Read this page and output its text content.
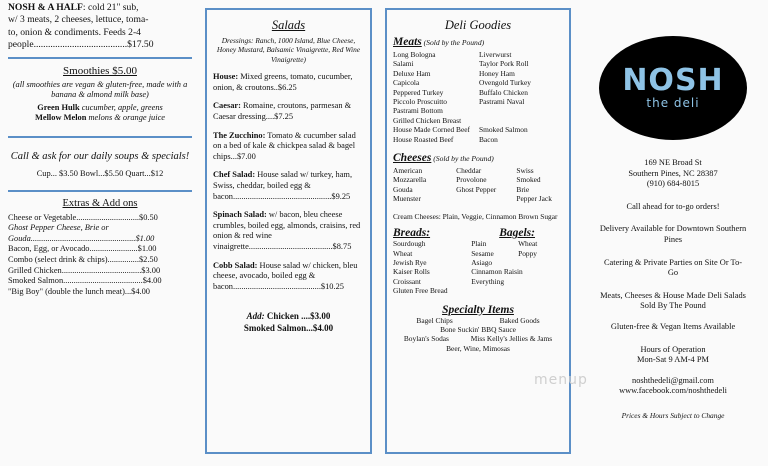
NOSH & A HALF: cold 21" sub,
w/ 3 meats, 2 cheeses, lettuce, toma-
to, onion & condiments. Feeds 2-4
people.......................................$17.50
Smoothies $5.00
(all smoothies are vegan & gluten-free, made with a banana & almond milk base)
Green Hulk cucumber, apple, greens
Mellow Melon melons & orange juice
Call & ask for our daily soups & specials!
Cup... $3.50 Bowl...$5.50 Quart...$12
Extras & Add ons
Cheese or Vegetable..............................$0.50
Ghost Pepper Cheese, Brie or
Gouda..................................................$1.00
Bacon, Egg, or Avocado.......................$1.00
Combo (select drink & chips)...............$2.50
Grilled Chicken......................................$3.00
Smoked Salmon......................................$4.00
"Big Boy" (double the lunch meat)...$4.00
Salads
Dressings: Ranch, 1000 Island, Blue Cheese, Honey Mustard, Balsamic Vinaigrette, Red Wine Vinaigrette)
House: Mixed greens, tomato, cucumber, onion, & croutons..$6.25
Caesar: Romaine, croutons, parmesan & Caesar dressing....$7.25
The Zucchino: Tomato & cucumber salad on a bed of kale & chickpea salad & bagel chips...$7.00
Chef Salad: House salad w/ turkey, ham, Swiss, cheddar, boiled egg & bacon...............................................$9.25
Spinach Salad: w/ bacon, bleu cheese crumbles, boiled egg, almonds, craisins, red onion & red wine vinaigrette........................................$8.75
Cobb Salad: House salad w/ chicken, bleu cheese, avocado, boiled egg & bacon..........................................$10.25
Add: Chicken ....$3.00
Smoked Salmon...$4.00
Deli Goodies
Meats (Sold by the Pound)
Long Bologna	Liverwurst
Salami	Taylor Pork Roll
Deluxe Ham	Honey Ham
Capicola	Ovengold Turkey
Peppered Turkey	Buffalo Chicken
Piccolo Proscuitto	Pastrami Naval
Pastrami Bottom
Grilled Chicken Breast
House Made Corned Beef	Smoked Salmon
House Roasted Beef	Bacon
Cheeses (Sold by the Pound)
American	Cheddar	Swiss
Mozzarella	Provolone	Smoked
Gouda	Ghost Pepper	Brie
Muenster	Pepper Jack
Cream Cheeses: Plain, Veggie, Cinnamon Brown Sugar
Breads:
Sourdough
Wheat
Jewish Rye
Kaiser Rolls
Croissant
Gluten Free Bread
Bagels:
Plain	Wheat
Sesame	Poppy
Asiago
Cinnamon Raisin
Everything
Specialty Items
Bagel Chips	Baked Goods
Bone Suckin' BBQ Sauce
Boylan's Sodas	Miss Kelly's Jellies & Jams
Beer, Wine, Mimosas
NOSH
the deli

169 NE Broad St

Southern Pines, NC 28387

(910) 684-8015

Call ahead for to-go orders!

Delivery Available for Downtown Southern Pines

Catering & Private Parties on Site Or To-Go

Meats, Cheeses & House Made Deli Salads Sold By The Pound

Gluten-free & Vegan Items Available

Hours of Operation

Mon-Sat 9 AM-4 PM

noshthedeli@gmail.com

www.facebook.com/noshthedeli

Prices & Hours Subject to Change

menup
